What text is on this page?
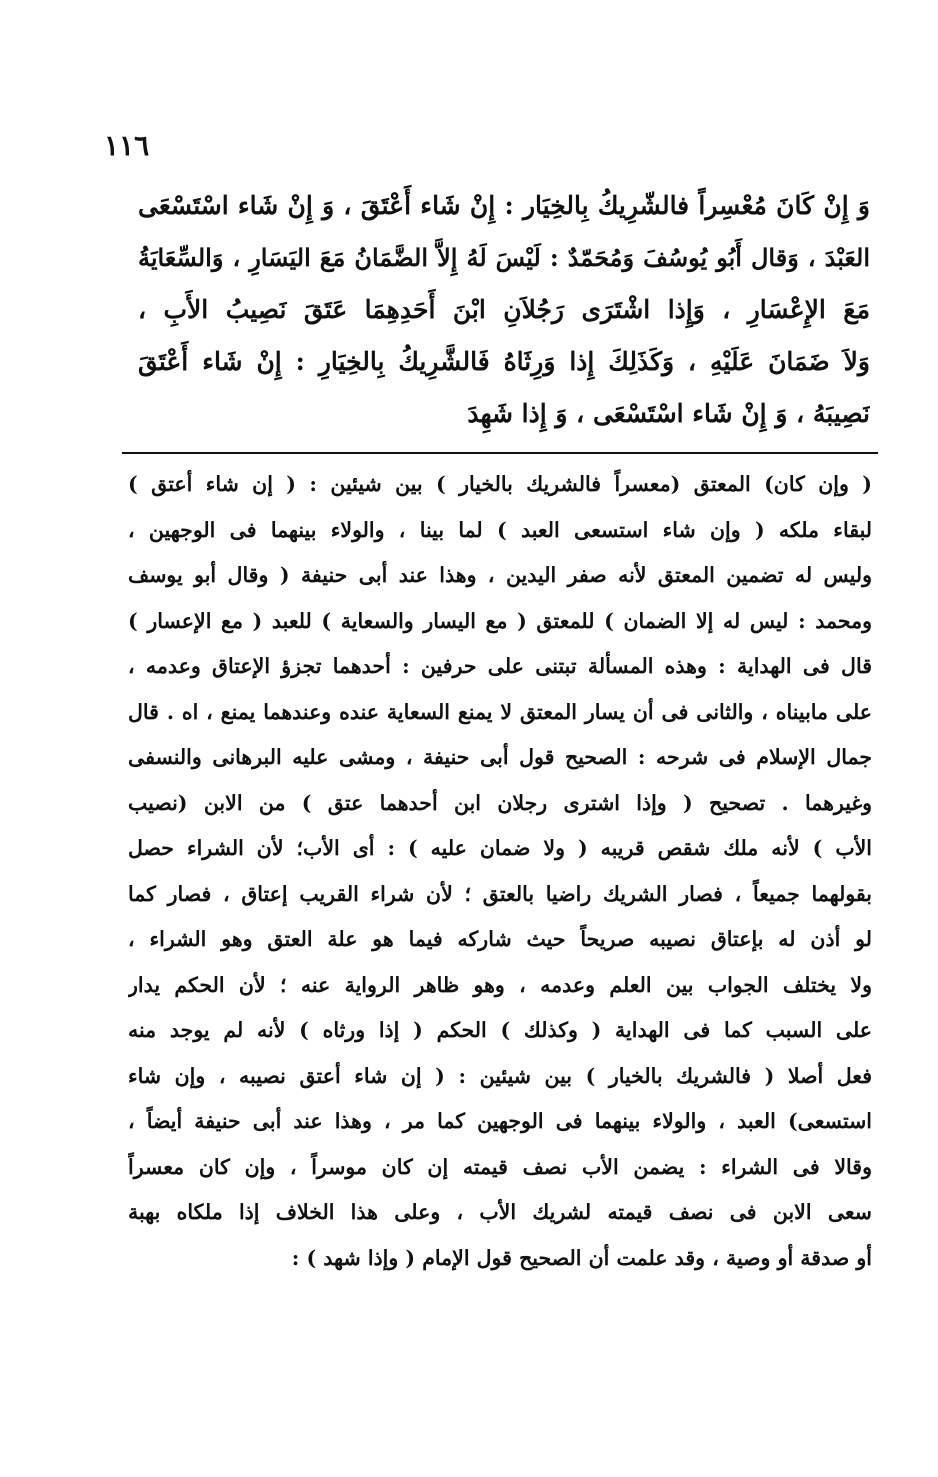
١١٦
وَ إِنْ كَانَ مُعْسِراً فالشّرِيكُ بِالخِيَار : إِنْ شَاء أَعْتَقَ ، وَ إِنْ شَاء اسْتَسْعَى
العَبْدَ ، وَقال أَبُو يُوسُفَ وَمُحَمّدٌ : لَيْسَ لَهُ إِلاَّ الضَّمَانُ مَعَ اليَسَارِ ، وَالسِّعَايَةُ
مَعَ الإِعْسَارِ ، وَإِذا اشْتَرَى رَجُلاَنِ ابْنَ أَحَدِهِمَا عَتَقَ نَصِيبُ الأَبِ ،
وَلاَ ضَمَانَ عَلَيْهِ ، وَكَذَلِكَ إِذا وَرِثَاهُ فَالشَّرِيكُ بِالخِيَارِ : إِنْ شَاء أَعْتَقَ
نَصِيبَهُ ، وَ إِنْ شَاء اسْتَسْعَى ، وَ إِذا شَهِدَ
( وإن كان) المعتق (معسراً فالشريك بالخيار ) بين شيئين : ( إن شاء أعتق )
لبقاء ملكه ( وإن شاء استسعى العبد ) لما بينا ، والولاء بينهما فى الوجهين ،
وليس له تضمين المعتق لأنه صفر اليدين ، وهذا عند أبى حنيفة ( وقال أبو يوسف
ومحمد : ليس له إلا الضمان ) للمعتق ( مع اليسار والسعاية ) للعبد ( مع الإعسار )
قال فى الهداية : وهذه المسألة تبتنى على حرفين : أحدهما تجزؤ الإعتاق وعدمه ،
على مابيناه ، والثانى فى أن يسار المعتق لا يمنع السعاية عنده وعندهما يمنع ، اه . قال
جمال الإسلام فى شرحه : الصحيح قول أبى حنيفة ، ومشى عليه البرهانى والنسفى
وغيرهما . تصحيح ( وإذا اشترى رجلان ابن أحدهما عتق ) من الابن (نصيب
الأب ) لأنه ملك شقص قريبه ( ولا ضمان عليه ) : أى الأب؛ لأن الشراء حصل
بقولهما جميعاً ، فصار الشريك راضيا بالعتق ؛ لأن شراء القريب إعتاق ، فصار كما
لو أذن له بإعتاق نصيبه صريحاً حيث شاركه فيما هو علة العتق وهو الشراء ،
ولا يختلف الجواب بين العلم وعدمه ، وهو ظاهر الرواية عنه ؛ لأن الحكم يدار
على السبب كما فى الهداية ( وكذلك ) الحكم ( إذا ورثاه ) لأنه لم يوجد منه
فعل أصلا ( فالشريك بالخيار ) بين شيئين : ( إن شاء أعتق نصيبه ، وإن شاء
استسعى) العبد ، والولاء بينهما فى الوجهين كما مر ، وهذا عند أبى حنيفة أيضاً ،
وقالا فى الشراء : يضمن الأب نصف قيمته إن كان موسراً ، وإن كان معسراً
سعى الابن فى نصف قيمته لشريك الأب ، وعلى هذا الخلاف إذا ملكاه بهبة
أو صدقة أو وصية ، وقد علمت أن الصحيح قول الإمام ( وإذا شهد ) :
